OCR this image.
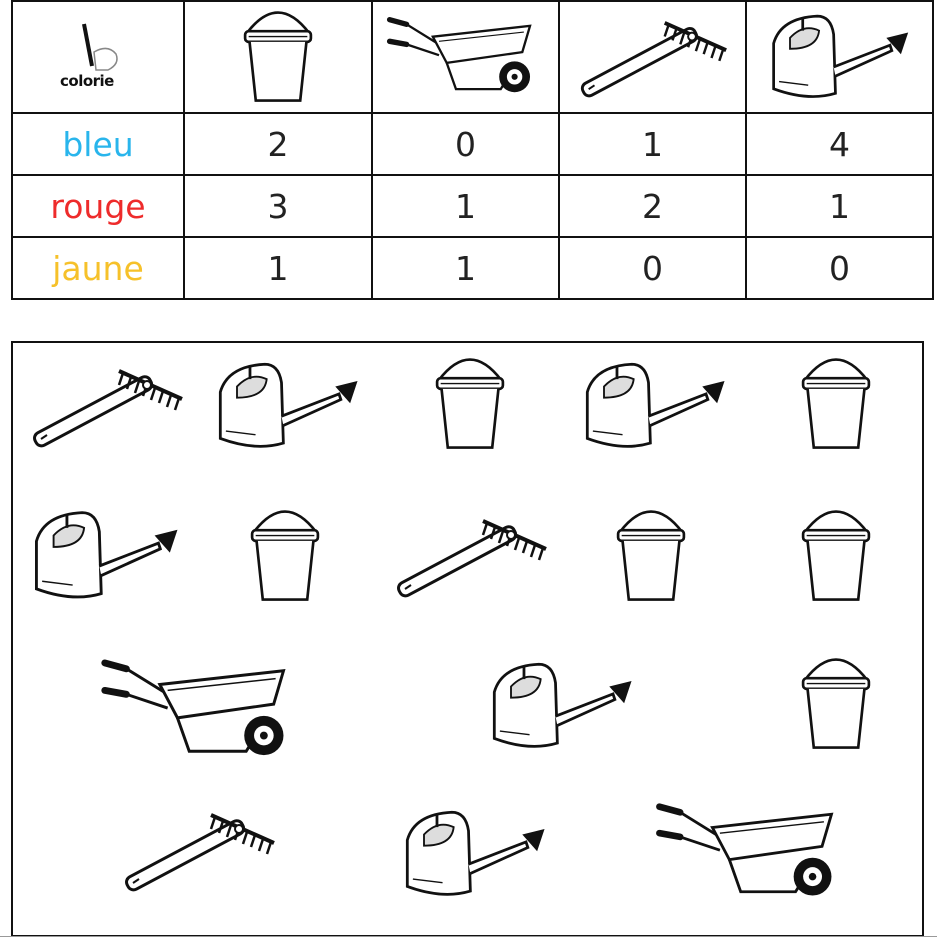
colorie

bleu	2	0	1	4
rouge	3	1	2	1
jaune	1	1	0	0
